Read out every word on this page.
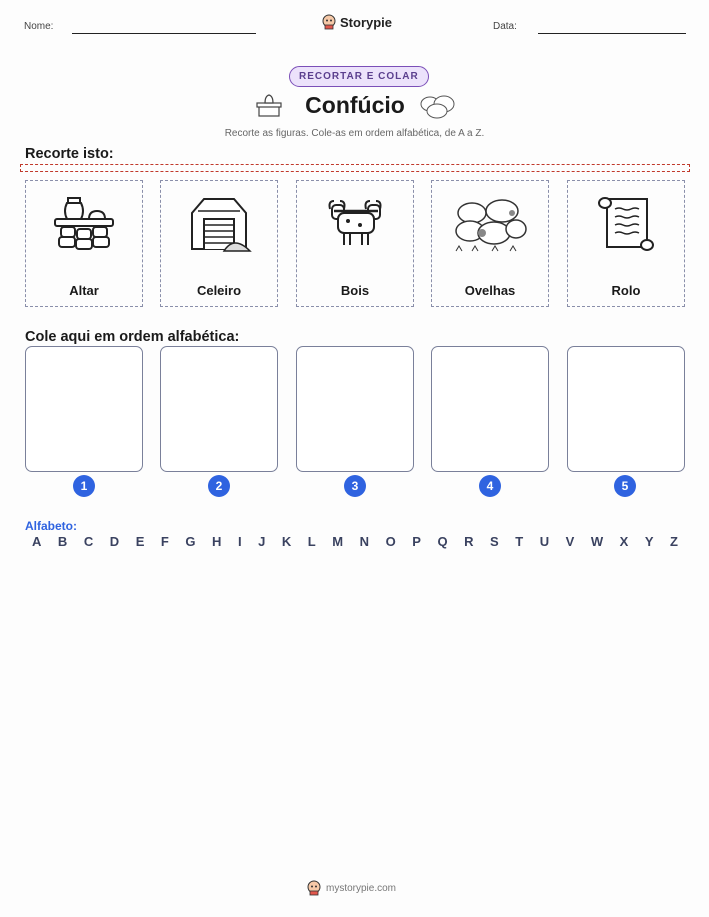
Nome:	Storypie	Data:
RECORTAR E COLAR
Confúcio
Recorte as figuras. Cole-as em ordem alfabética, de A a Z.
Recorte isto:
Altar	Celeiro	Bois	Ovelhas	Rolo
Cole aqui em ordem alfabética:
1	2	3	4	5
Alfabeto:
A B C D E F G H I J K L M N O P Q R S T U V W X Y Z
mystorypie.com
